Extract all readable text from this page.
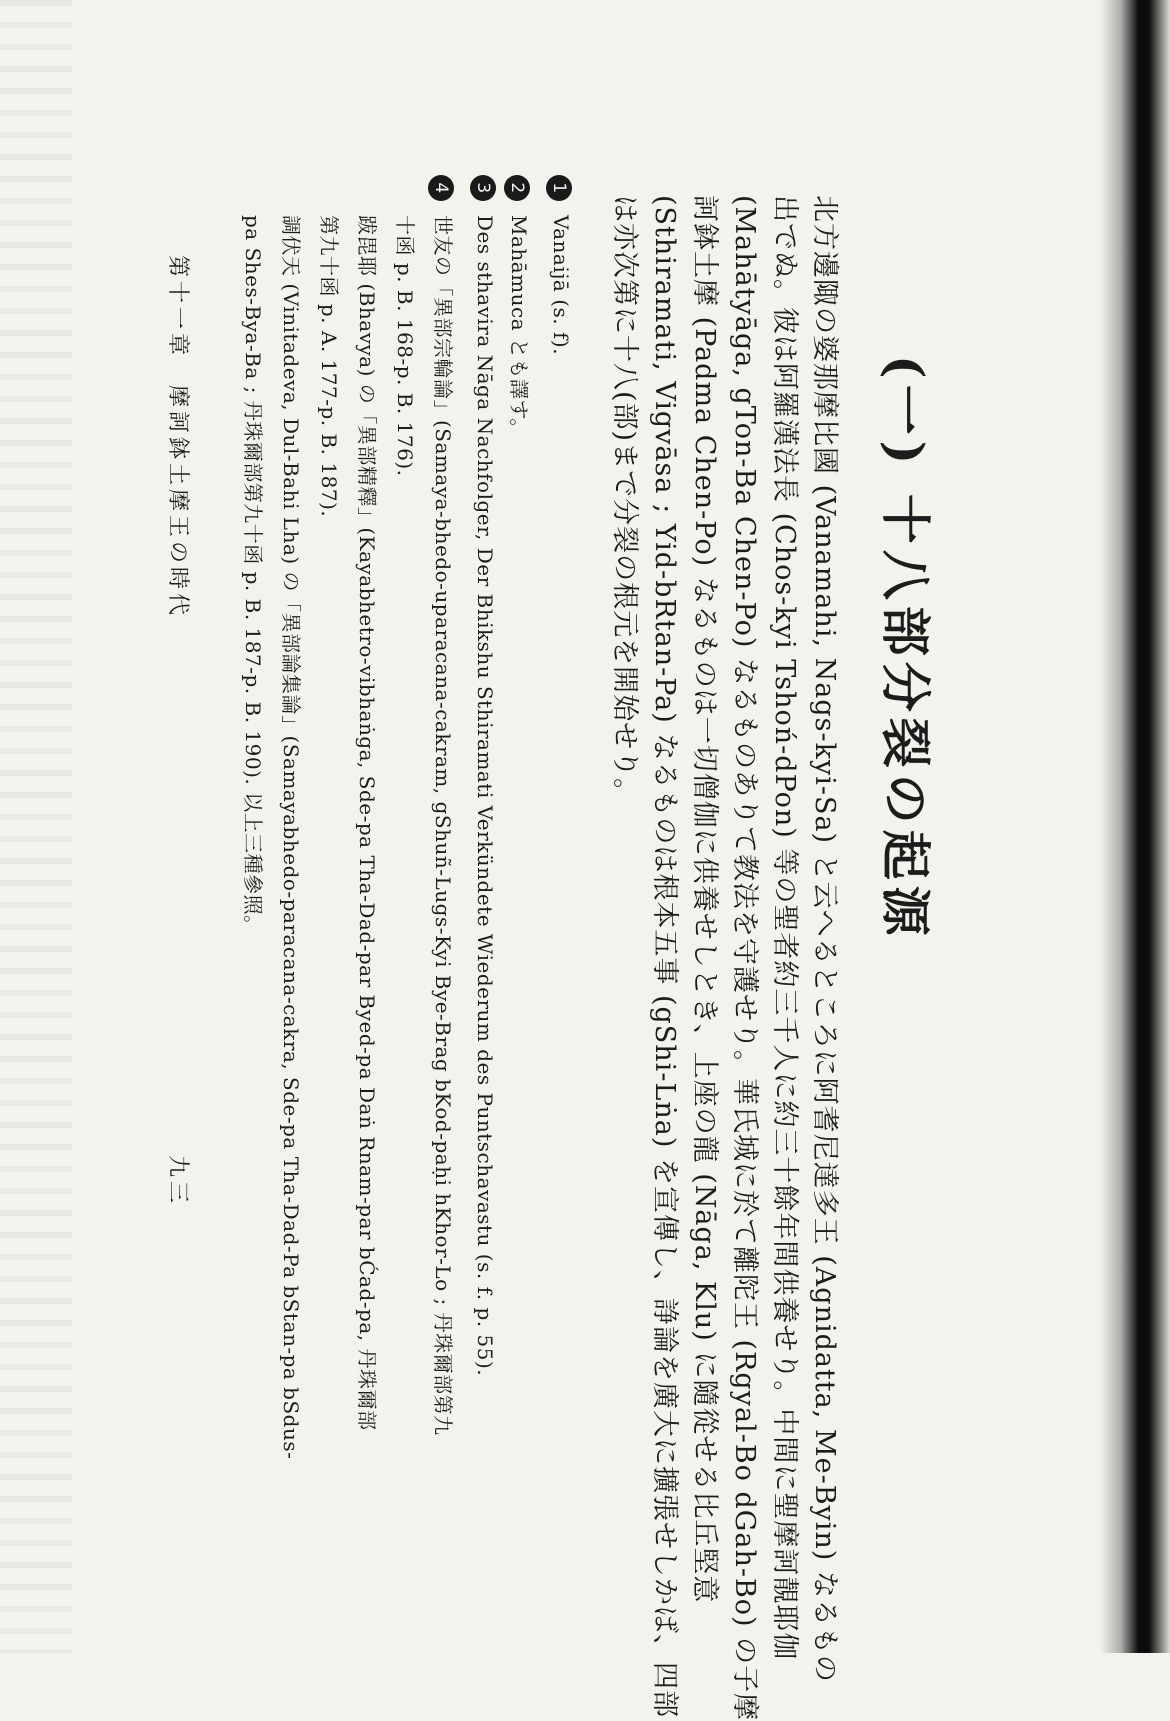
(一) 十八部分裂の起源
北方邊陬の婆那摩比國 (Vanamahi, Nags-kyi-Sa) と云へるところに阿耆尼達多王 (Agnidatta, Me-Byin) なるもの
出でぬ。彼は阿羅漢法長 (Chos-kyi Tshoń-dPon) 等の聖者約三千人に約三十餘年間供養せり。中間に聖摩訶靚耶伽
(Mahātyāga, gTon-Ba Chen-Po) なるものありて教法を守護せり。華氏城に於て離陀王 (Rgyal-Bo dGah-Bo) の子摩
訶鉢土摩 (Padma Chen-Po) なるものは一切僧伽に供養せしとき、上座の龍 (Nāga, Klu) に隨從せる比丘堅意
(Sthiramati, Vigvāsa ; Yid-bRtan-Pa) なるものは根本五事 (gShi-Lṅa) を宣傳し、諍論を廣大に擴張せしかば、四部
は亦次第に十八(部)まで分裂の根元を開始せり。
1Vanaijā (s. f).
2Mahāmuca とも譯す。
3Des sthavira Nāga Nachfolger, Der Bhikshu Sthiramati Verkündete Wiederum des Puntschavastu (s. f. p. 55).
4世友の「異部宗輪論」(Samaya-bhedo-uparacana-cakram, gShuñ-Lugs-Kyi Bye-Brag bKod-paḥi hKhor-Lo ; 丹珠爾部第九
十函 p. B. 168-p. B. 176).
跋毘耶 (Bhavya) の「異部精釋」(Kayabhetro-vibhaṅga, Sde-pa Tha-Dad-par Byed-pa Daṅ Rnam-par bĆad-pa, 丹珠爾部
第九十函 p. A. 177-p. B. 187).
調伏天 (Vinitadeva, Dul-Bahi Lha) の「異部論集論」(Samayabhedo-paracana-cakra, Sde-pa Tha-Dad-Pa bStan-pa bSdus-
pa Shes-Bya-Ba ; 丹珠爾部第九十函 p. B. 187-p. B. 190). 以上三種參照。
第十一章　摩訶鉢土摩王の時代
九三
